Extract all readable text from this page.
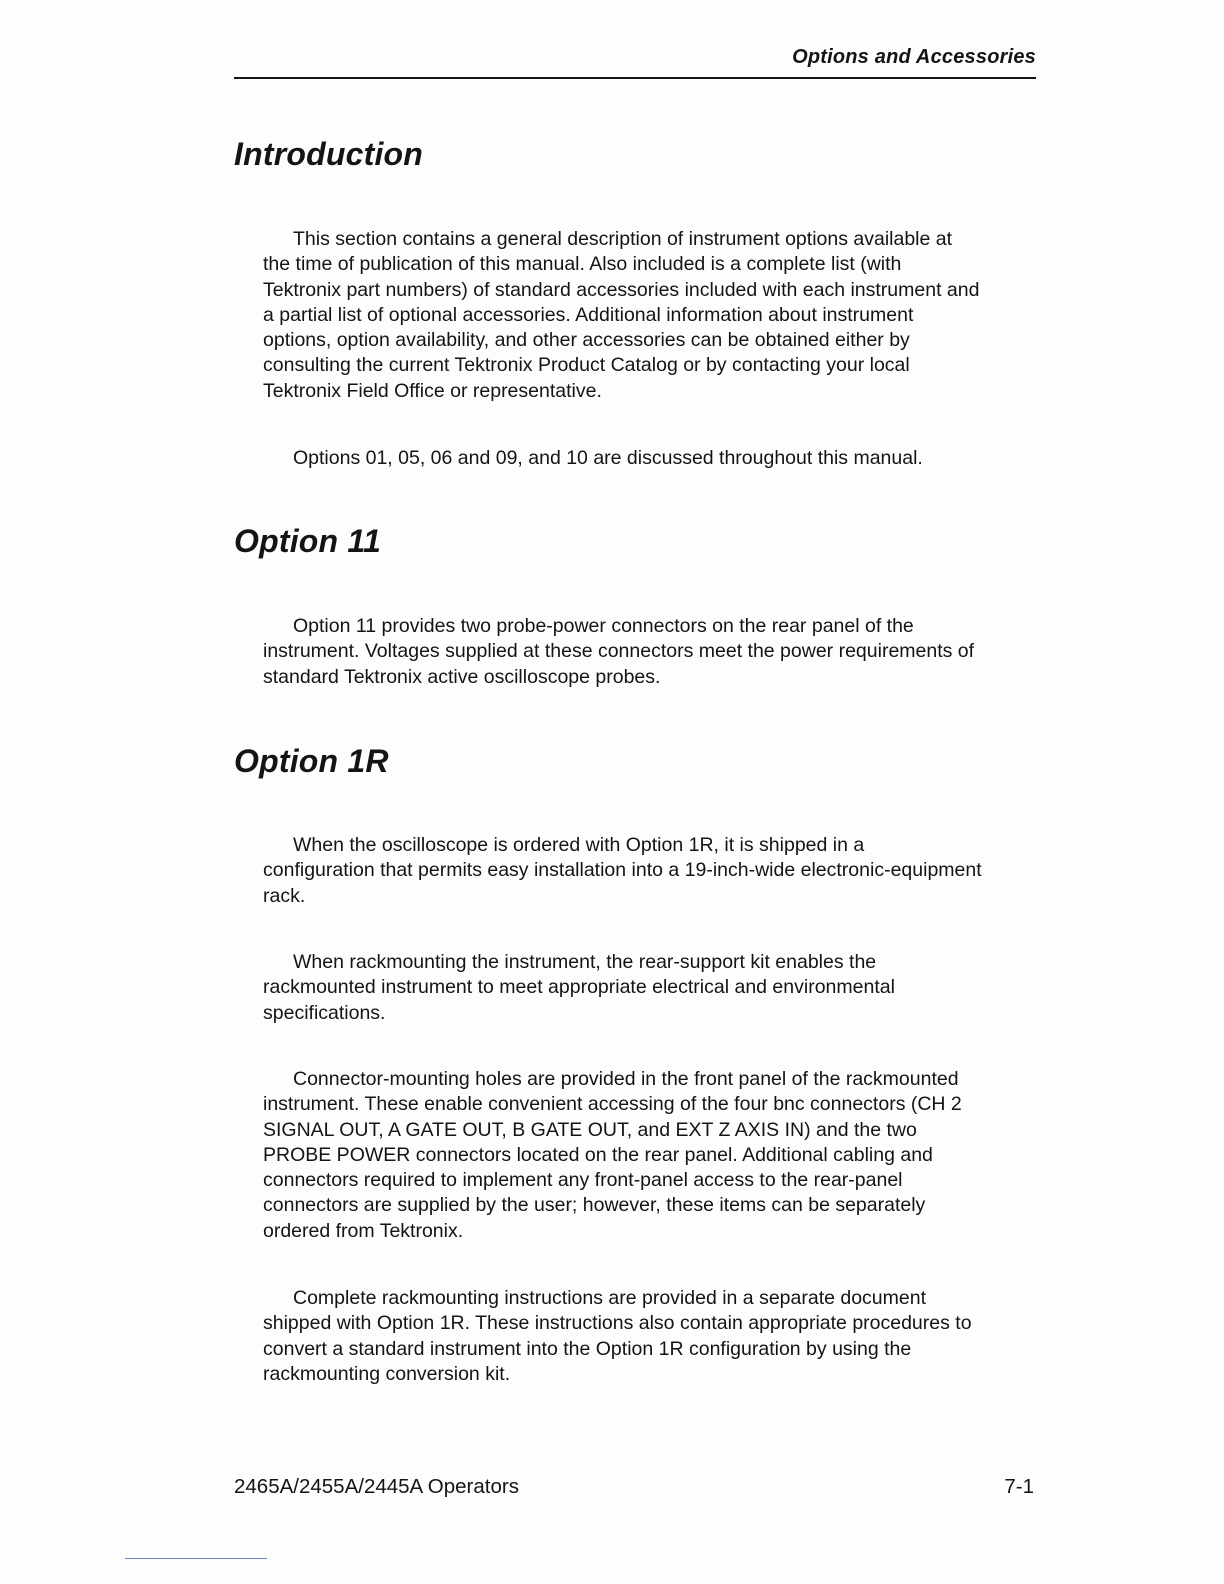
Options and Accessories
Introduction

This section contains a general description of instrument options available at
the time of publication of this manual. Also included is a complete list (with
Tektronix part numbers) of standard accessories included with each instrument and
a partial list of optional accessories. Additional information about instrument
options, option availability, and other accessories can be obtained either by
consulting the current Tektronix Product Catalog or by contacting your local
Tektronix Field Office or representative.

Options 01, 05, 06 and 09, and 10 are discussed throughout this manual.

Option 11

Option 11 provides two probe-power connectors on the rear panel of the
instrument. Voltages supplied at these connectors meet the power requirements of
standard Tektronix active oscilloscope probes.

Option 1R

When the oscilloscope is ordered with Option 1R, it is shipped in a
configuration that permits easy installation into a 19-inch-wide electronic-equipment
rack.

When rackmounting the instrument, the rear-support kit enables the
rackmounted instrument to meet appropriate electrical and environmental
specifications.

Connector-mounting holes are provided in the front panel of the rackmounted
instrument. These enable convenient accessing of the four bnc connectors (CH 2
SIGNAL OUT, A GATE OUT, B GATE OUT, and EXT Z AXIS IN) and the two
PROBE POWER connectors located on the rear panel. Additional cabling and
connectors required to implement any front-panel access to the rear-panel
connectors are supplied by the user; however, these items can be separately
ordered from Tektronix.

Complete rackmounting instructions are provided in a separate document
shipped with Option 1R. These instructions also contain appropriate procedures to
convert a standard instrument into the Option 1R configuration by using the
rackmounting conversion kit.

2465A/2455A/2445A Operators	7-1
